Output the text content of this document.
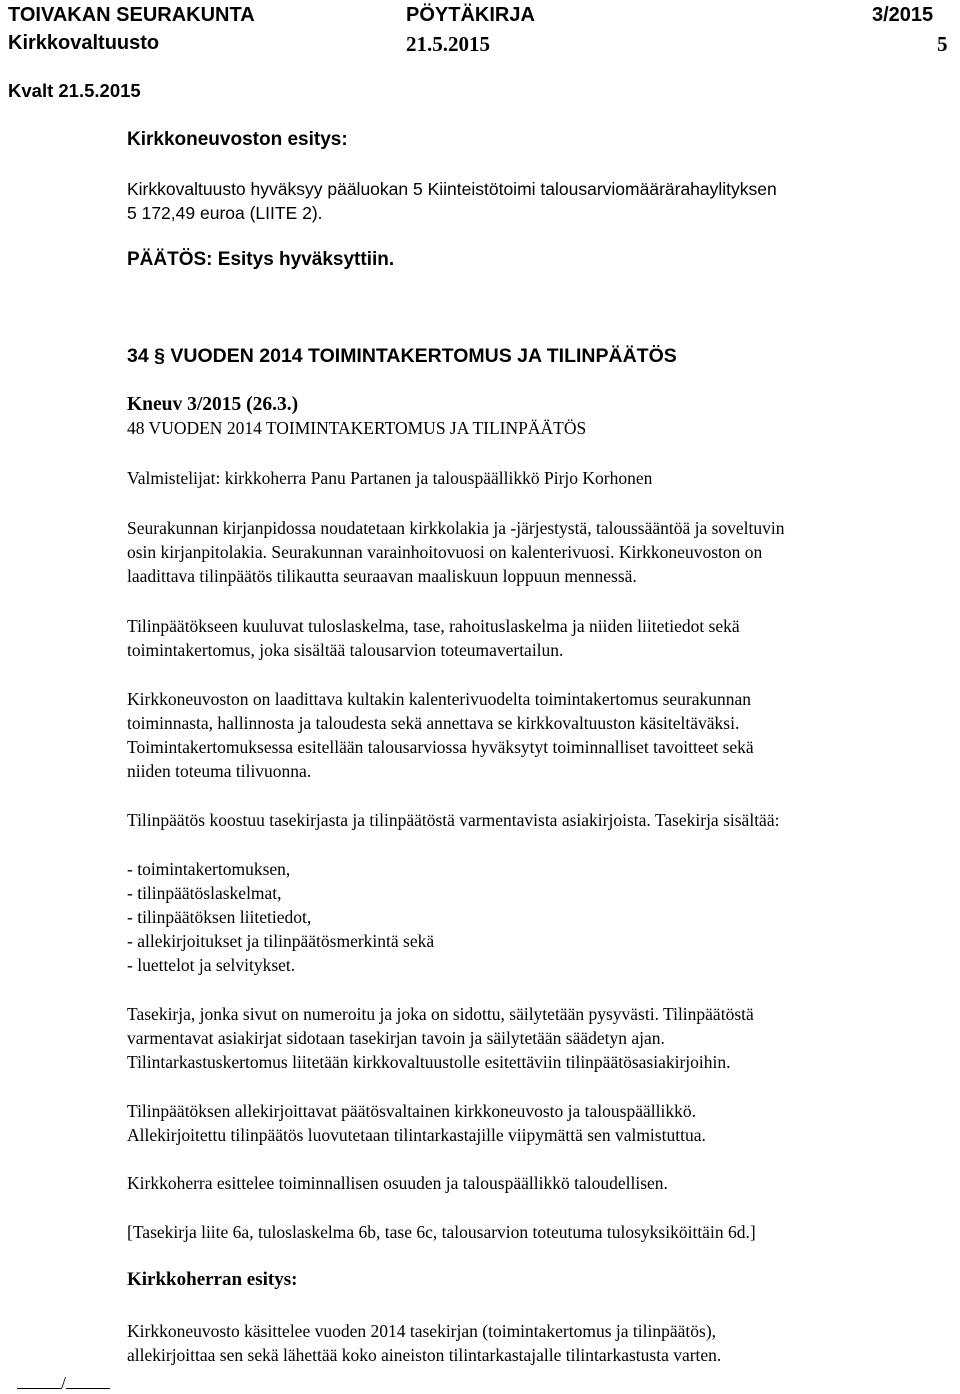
TOIVAKAN SEURAKUNTA	PÖYTÄKIRJA	3/2015
Kirkkovaltuusto	21.5.2015	5
Kvalt 21.5.2015
Kirkkoneuvoston esitys:
Kirkkovaltuusto hyväksyy pääluokan 5 Kiinteistötoimi talousarviomäärärahaylityksen
5 172,49 euroa (LIITE 2).
PÄÄTÖS: Esitys hyväksyttiin.
34 § VUODEN 2014 TOIMINTAKERTOMUS JA TILINPÄÄTÖS
Kneuv 3/2015 (26.3.)
48 VUODEN 2014 TOIMINTAKERTOMUS JA TILINPÄÄTÖS
Valmistelijat: kirkkoherra Panu Partanen ja talouspäällikkö Pirjo Korhonen
Seurakunnan kirjanpidossa noudatetaan kirkkolakia ja -järjestystä, taloussääntöä ja soveltuvin
osin kirjanpitolakia. Seurakunnan varainhoitovuosi on kalenterivuosi. Kirkkoneuvoston on
laadittava tilinpäätös tilikautta seuraavan maaliskuun loppuun mennessä.
Tilinpäätökseen kuuluvat tuloslaskelma, tase, rahoituslaskelma ja niiden liitetiedot sekä
toimintakertomus, joka sisältää talousarvion toteumavertailun.
Kirkkoneuvoston on laadittava kultakin kalenterivuodelta toimintakertomus seurakunnan
toiminnasta, hallinnosta ja taloudesta sekä annettava se kirkkovaltuuston käsiteltäväksi.
Toimintakertomuksessa esitellään talousarviossa hyväksytyt toiminnalliset tavoitteet sekä
niiden toteuma tilivuonna.
Tilinpäätös koostuu tasekirjasta ja tilinpäätöstä varmentavista asiakirjoista. Tasekirja sisältää:
- toimintakertomuksen,
- tilinpäätöslaskelmat,
- tilinpäätöksen liitetiedot,
- allekirjoitukset ja tilinpäätösmerkintä sekä
- luettelot ja selvitykset.
Tasekirja, jonka sivut on numeroitu ja joka on sidottu, säilytetään pysyvästi. Tilinpäätöstä
varmentavat asiakirjat sidotaan tasekirjan tavoin ja säilytetään säädetyn ajan.
Tilintarkastuskertomus liitetään kirkkovaltuustolle esitettäviin tilinpäätösasiakirjoihin.
Tilinpäätöksen allekirjoittavat päätösvaltainen kirkkoneuvosto ja talouspäällikkö.
Allekirjoitettu tilinpäätös luovutetaan tilintarkastajille viipymättä sen valmistuttua.
Kirkkoherra esittelee toiminnallisen osuuden ja talouspäällikkö taloudellisen.
[Tasekirja liite 6a, tuloslaskelma 6b, tase 6c, talousarvion toteutuma tulosyksiköittäin 6d.]
Kirkkoherran esitys:
Kirkkoneuvosto käsittelee vuoden 2014 tasekirjan (toimintakertomus ja tilinpäätös),
allekirjoittaa sen sekä lähettää koko aineiston tilintarkastajalle tilintarkastusta varten.
/
